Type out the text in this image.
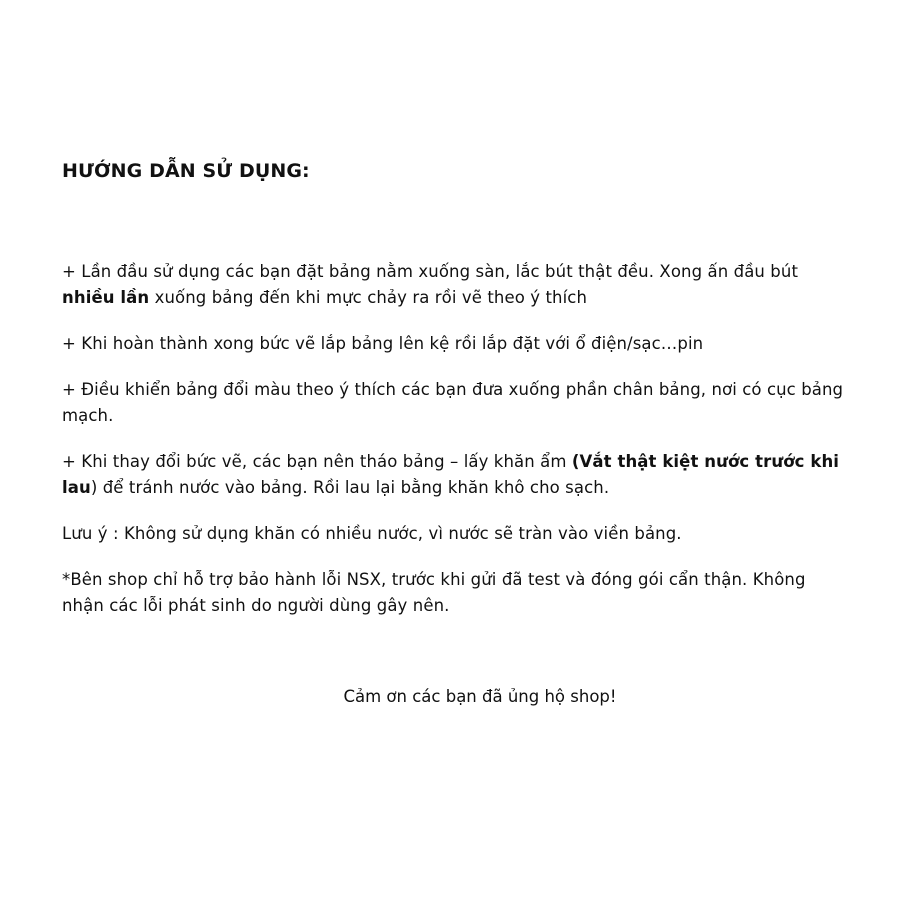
HƯỚNG DẪN SỬ DỤNG:

+ Lần đầu sử dụng các bạn đặt bảng nằm xuống sàn, lắc bút thật đều. Xong ấn đầu bút nhiều lần xuống bảng đến khi mực chảy ra rồi vẽ theo ý thích

+ Khi hoàn thành xong bức vẽ lắp bảng lên kệ rồi lắp đặt với ổ điện/sạc…pin

+ Điều khiển bảng đổi màu theo ý thích các bạn đưa xuống phần chân bảng, nơi có cục bảng mạch.

+ Khi thay đổi bức vẽ, các bạn nên tháo bảng – lấy khăn ẩm (Vắt thật kiệt nước trước khi lau) để tránh nước vào bảng. Rồi lau lại bằng khăn khô cho sạch.

Lưu ý : Không sử dụng khăn có nhiều nước, vì nước sẽ tràn vào viền bảng.

*Bên shop chỉ hỗ trợ bảo hành lỗi NSX, trước khi gửi đã test và đóng gói cẩn thận. Không nhận các lỗi phát sinh do người dùng gây nên.

Cảm ơn các bạn đã ủng hộ shop!
